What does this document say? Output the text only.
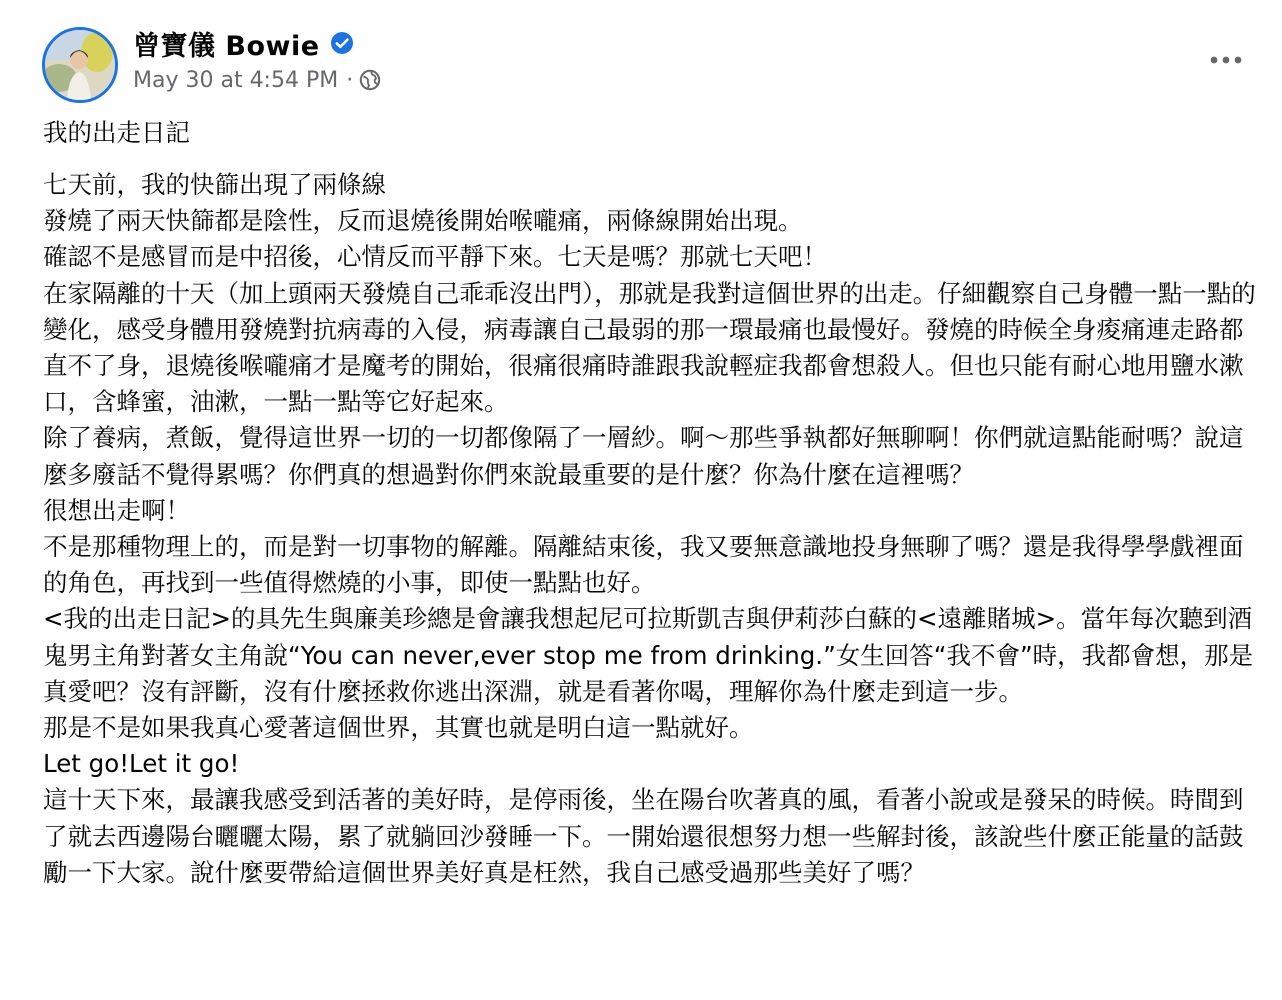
曾寶儀 Bowie
May 30 at 4:54 PM ·
我的出走日記

七天前，我的快篩出現了兩條線

發燒了兩天快篩都是陰性，反而退燒後開始喉嚨痛，兩條線開始出現。

確認不是感冒而是中招後，心情反而平靜下來。七天是嗎？那就七天吧！

在家隔離的十天（加上頭兩天發燒自己乖乖沒出門），那就是我對這個世界的出走。仔細觀察自己身體一點一點的變化，感受身體用發燒對抗病毒的入侵，病毒讓自己最弱的那一環最痛也最慢好。發燒的時候全身痠痛連走路都直不了身，退燒後喉嚨痛才是魔考的開始，很痛很痛時誰跟我說輕症我都會想殺人。但也只能有耐心地用鹽水漱口，含蜂蜜，油漱，一點一點等它好起來。

除了養病，煮飯，覺得這世界一切的一切都像隔了一層紗。啊～那些爭執都好無聊啊！你們就這點能耐嗎？說這麼多廢話不覺得累嗎？你們真的想過對你們來說最重要的是什麼？你為什麼在這裡嗎？

很想出走啊！

不是那種物理上的，而是對一切事物的解離。隔離結束後，我又要無意識地投身無聊了嗎？還是我得學學戲裡面的角色，再找到一些值得燃燒的小事，即使一點點也好。

<我的出走日記>的具先生與廉美珍總是會讓我想起尼可拉斯凱吉與伊莉莎白蘇的<遠離賭城>。當年每次聽到酒鬼男主角對著女主角說“You can never,ever stop me from drinking.”女生回答“我不會”時，我都會想，那是真愛吧？沒有評斷，沒有什麼拯救你逃出深淵，就是看著你喝，理解你為什麼走到這一步。

那是不是如果我真心愛著這個世界，其實也就是明白這一點就好。

Let go!Let it go!

這十天下來，最讓我感受到活著的美好時，是停雨後，坐在陽台吹著真的風，看著小說或是發呆的時候。時間到了就去西邊陽台曬曬太陽，累了就躺回沙發睡一下。一開始還很想努力想一些解封後，該說些什麼正能量的話鼓勵一下大家。說什麼要帶給這個世界美好真是枉然，我自己感受過那些美好了嗎？
